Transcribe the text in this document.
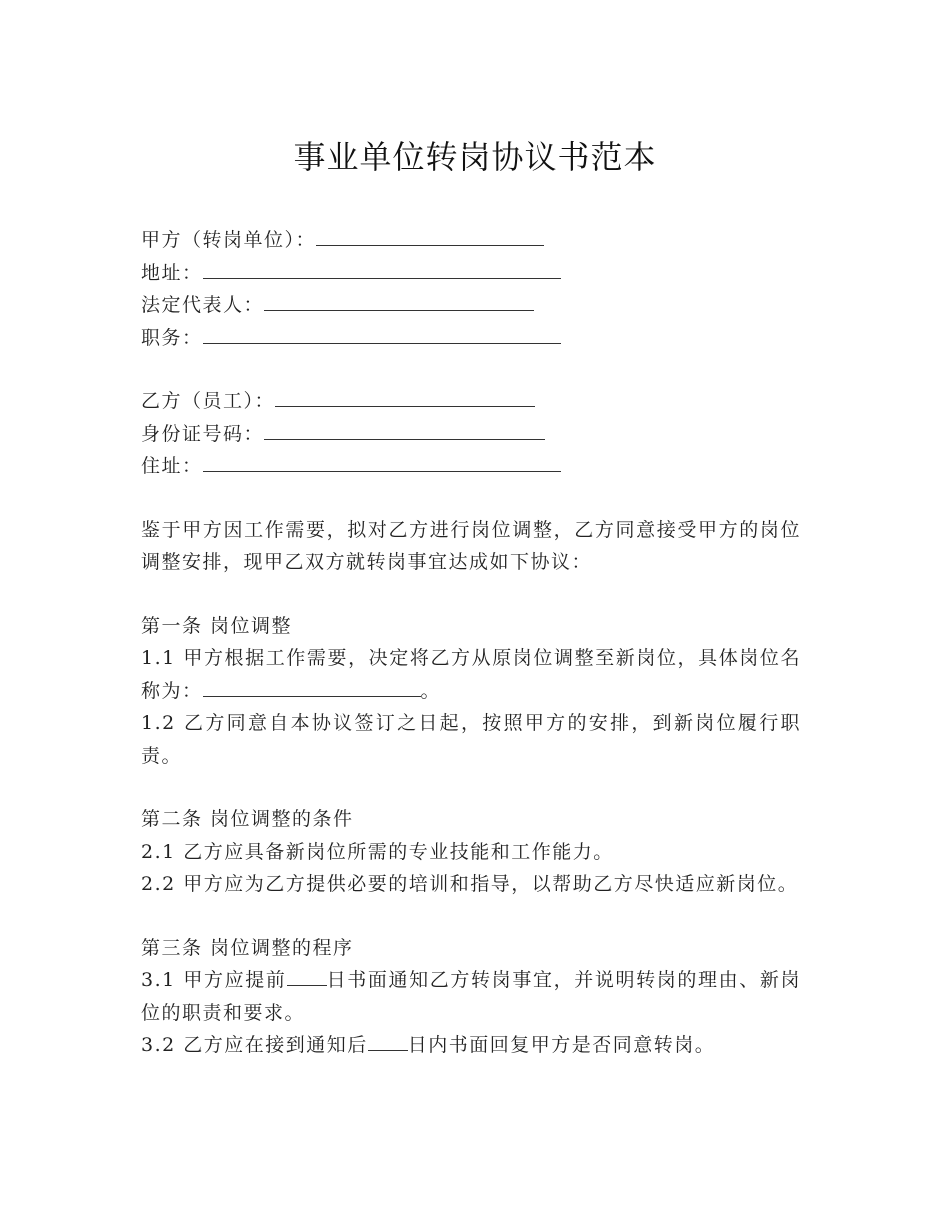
事业单位转岗协议书范本
甲方（转岗单位）：
地址：
法定代表人：
职务：
乙方（员工）：
身份证号码：
住址：
鉴于甲方因工作需要，拟对乙方进行岗位调整，乙方同意接受甲方的岗位调整安排，现甲乙双方就转岗事宜达成如下协议：
第一条 岗位调整
1.1 甲方根据工作需要，决定将乙方从原岗位调整至新岗位，具体岗位名称为：	。
1.2 乙方同意自本协议签订之日起，按照甲方的安排，到新岗位履行职责。
第二条 岗位调整的条件
2.1 乙方应具备新岗位所需的专业技能和工作能力。
2.2 甲方应为乙方提供必要的培训和指导，以帮助乙方尽快适应新岗位。
第三条 岗位调整的程序
3.1 甲方应提前 日书面通知乙方转岗事宜，并说明转岗的理由、新岗位的职责和要求。
3.2 乙方应在接到通知后 日内书面回复甲方是否同意转岗。
